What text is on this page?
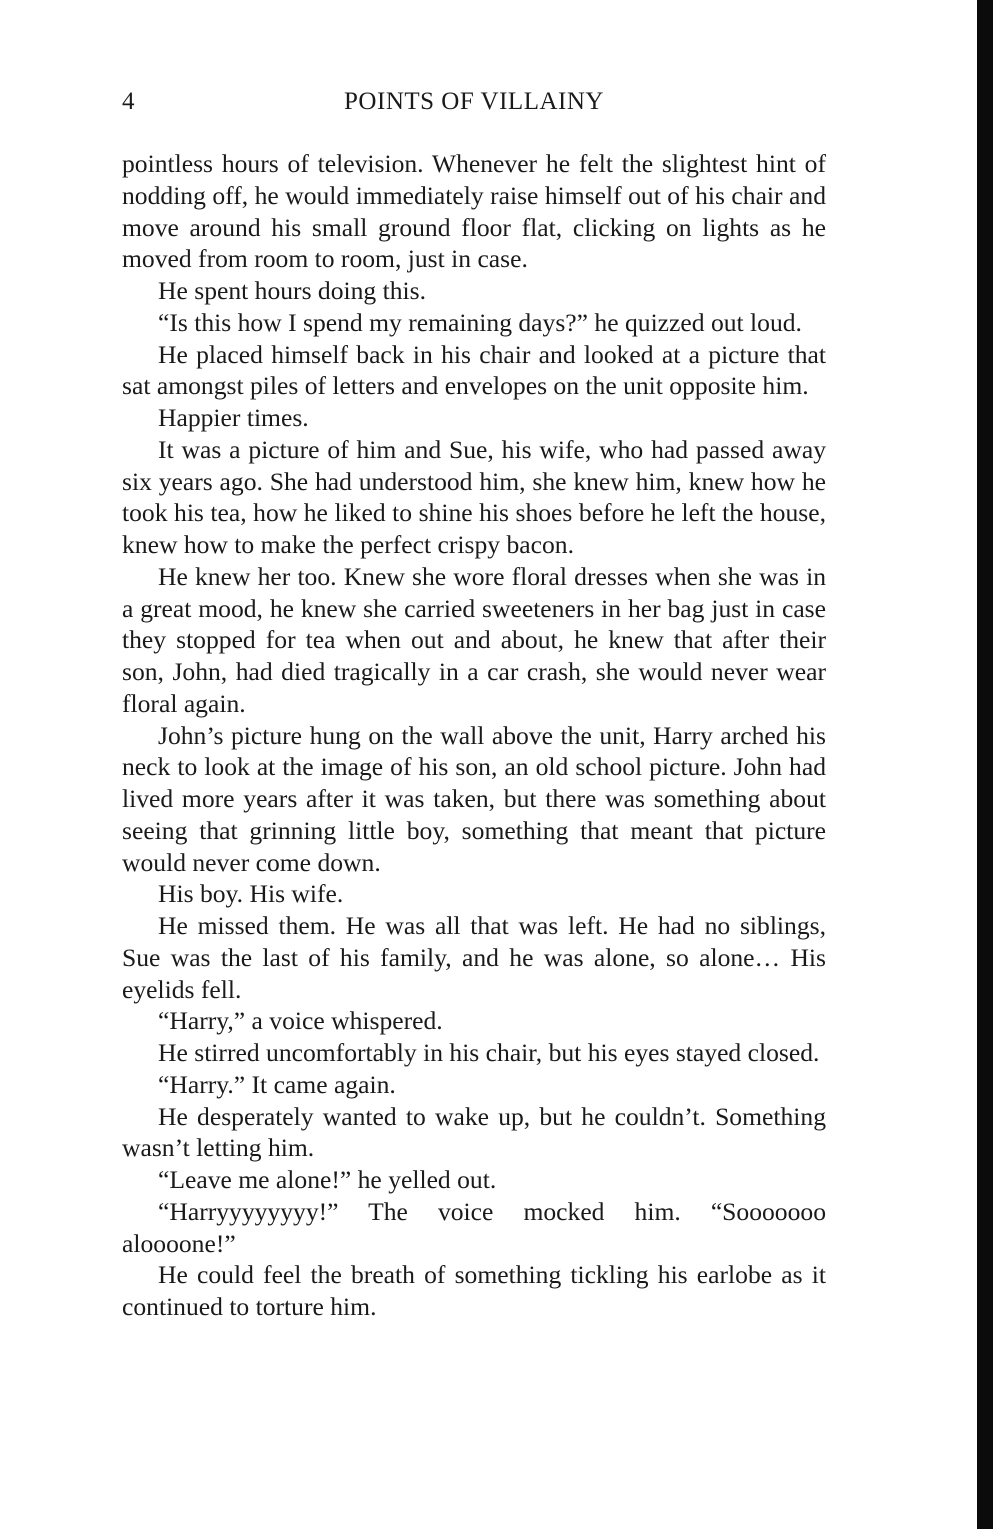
4	POINTS OF VILLAINY

pointless hours of television. Whenever he felt the slightest hint of nodding off, he would immediately raise himself out of his chair and move around his small ground floor flat, clicking on lights as he moved from room to room, just in case.

He spent hours doing this.

“Is this how I spend my remaining days?” he quizzed out loud.

He placed himself back in his chair and looked at a picture that sat amongst piles of letters and envelopes on the unit opposite him.

Happier times.

It was a picture of him and Sue, his wife, who had passed away six years ago. She had understood him, she knew him, knew how he took his tea, how he liked to shine his shoes before he left the house, knew how to make the perfect crispy bacon.

He knew her too. Knew she wore floral dresses when she was in a great mood, he knew she carried sweeteners in her bag just in case they stopped for tea when out and about, he knew that after their son, John, had died tragically in a car crash, she would never wear floral again.

John’s picture hung on the wall above the unit, Harry arched his neck to look at the image of his son, an old school picture. John had lived more years after it was taken, but there was something about seeing that grinning little boy, something that meant that picture would never come down.

His boy. His wife.

He missed them. He was all that was left. He had no siblings, Sue was the last of his family, and he was alone, so alone… His eyelids fell.

“Harry,” a voice whispered.

He stirred uncomfortably in his chair, but his eyes stayed closed.

“Harry.” It came again.

He desperately wanted to wake up, but he couldn’t. Something wasn’t letting him.

“Leave me alone!” he yelled out.

“Harryyyyyyyy!” The voice mocked him. “Sooooooo aloooone!”

He could feel the breath of something tickling his earlobe as it continued to torture him.
